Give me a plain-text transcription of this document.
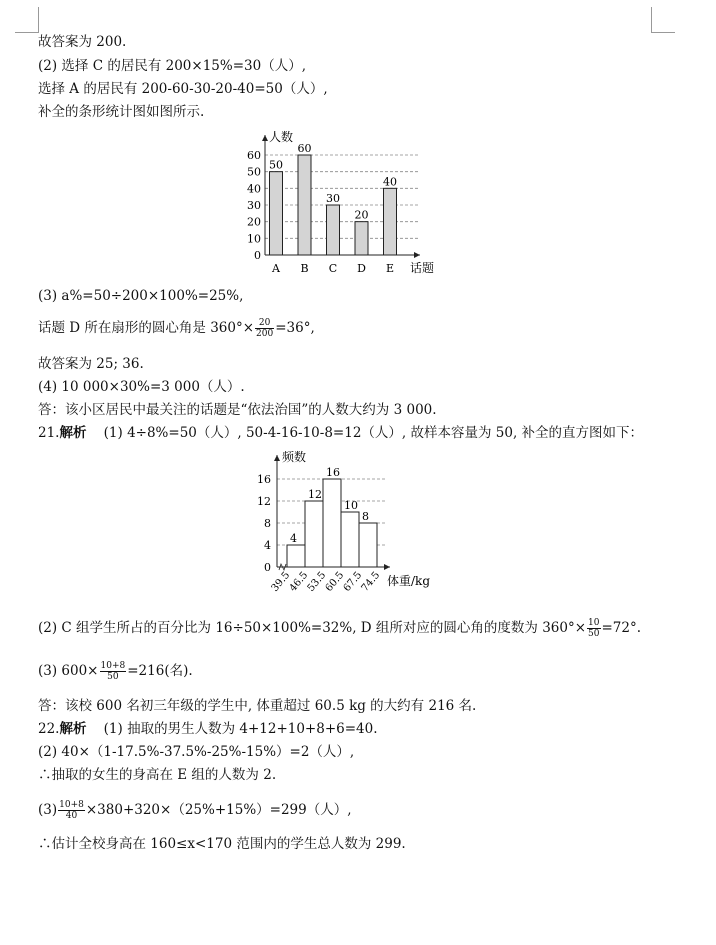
故答案为 200.
(2) 选择 C 的居民有 200×15%=30（人）,
选择 A 的居民有 200-60-30-20-40=50（人）,
补全的条形统计图如图所示.
0
10
20
30
40
50
60
人数
话题
50
A
60
B
30
C
20
D
40
E
(3) a%=50÷200×100%=25%,
话题 D 所在扇形的圆心角是 $360^\circ\times \frac{20}{200} =36^\circ$,
故答案为 25; 36.
(4) 10 000×30%=3 000（人）.
答：该小区居民中最关注的话题是“依法治国”的人数大约为 3 000.
21.解析 (1) 4÷8%=50（人）, 50-4-16-10-8=12（人）, 故样本容量为 50, 补全的直方图如下：
0
4
8
12
16
频数
体重/kg
4
12
16
10
8
39.5
46.5
53.5
60.5
67.5
74.5
(2) C 组学生所占的百分比为 16÷50×100%=32%, D 组所对应的圆心角的度数为 $360^\circ\times \frac{10}{50} =72^\circ$.
(3) $600\times \frac{10+8}{50} =216$(名).
答：该校 600 名初三年级的学生中, 体重超过 60.5 kg 的大约有 216 名.
22.解析 (1) 抽取的男生人数为 4+12+10+8+6=40.
(2) 40×（1-17.5%-37.5%-25%-15%）=2（人）,
∴抽取的女生的身高在 E 组的人数为 2.
$(3) \frac{10+8}{40} \times 380+320\times(25\%+15\%)=299$（人）,
∴估计全校身高在 160≤x<170 范围内的学生总人数为 299.
